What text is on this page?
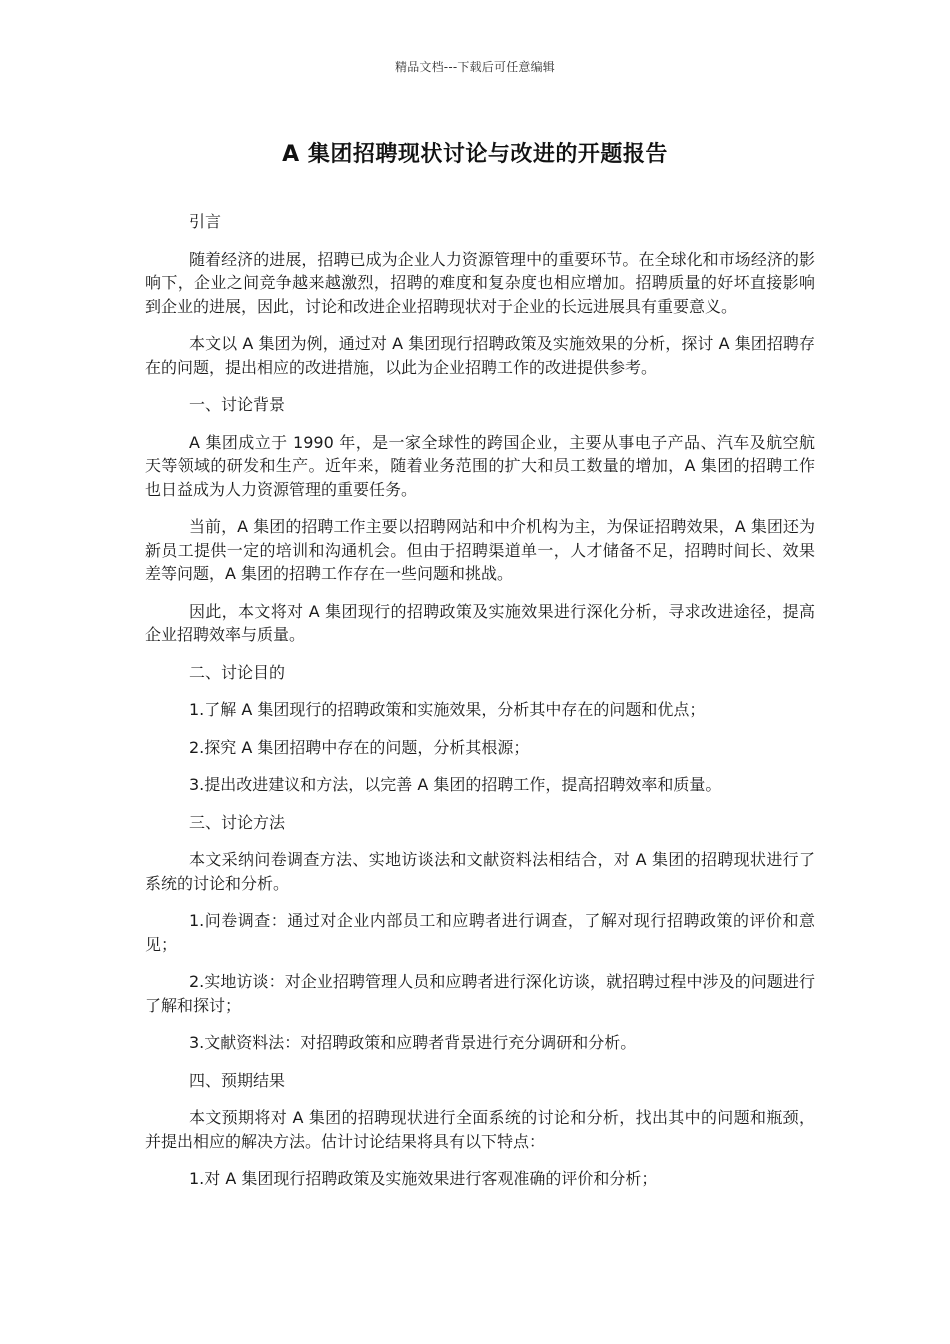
精品文档---下载后可任意编辑
A 集团招聘现状讨论与改进的开题报告

引言

随着经济的进展，招聘已成为企业人力资源管理中的重要环节。在全球化和市场经济的影响下，企业之间竞争越来越激烈，招聘的难度和复杂度也相应增加。招聘质量的好坏直接影响到企业的进展，因此，讨论和改进企业招聘现状对于企业的长远进展具有重要意义。

本文以 A 集团为例，通过对 A 集团现行招聘政策及实施效果的分析，探讨 A 集团招聘存在的问题，提出相应的改进措施，以此为企业招聘工作的改进提供参考。

一、讨论背景

A 集团成立于 1990 年，是一家全球性的跨国企业，主要从事电子产品、汽车及航空航天等领域的研发和生产。近年来，随着业务范围的扩大和员工数量的增加，A 集团的招聘工作也日益成为人力资源管理的重要任务。

当前，A 集团的招聘工作主要以招聘网站和中介机构为主，为保证招聘效果，A 集团还为新员工提供一定的培训和沟通机会。但由于招聘渠道单一，人才储备不足，招聘时间长、效果差等问题，A 集团的招聘工作存在一些问题和挑战。

因此，本文将对 A 集团现行的招聘政策及实施效果进行深化分析，寻求改进途径，提高企业招聘效率与质量。

二、讨论目的

1.了解 A 集团现行的招聘政策和实施效果，分析其中存在的问题和优点；

2.探究 A 集团招聘中存在的问题，分析其根源；

3.提出改进建议和方法，以完善 A 集团的招聘工作，提高招聘效率和质量。

三、讨论方法

本文采纳问卷调查方法、实地访谈法和文献资料法相结合，对 A 集团的招聘现状进行了系统的讨论和分析。

1.问卷调查：通过对企业内部员工和应聘者进行调查，了解对现行招聘政策的评价和意见；

2.实地访谈：对企业招聘管理人员和应聘者进行深化访谈，就招聘过程中涉及的问题进行了解和探讨；

3.文献资料法：对招聘政策和应聘者背景进行充分调研和分析。

四、预期结果

本文预期将对 A 集团的招聘现状进行全面系统的讨论和分析，找出其中的问题和瓶颈，并提出相应的解决方法。估计讨论结果将具有以下特点：

1.对 A 集团现行招聘政策及实施效果进行客观准确的评价和分析；
